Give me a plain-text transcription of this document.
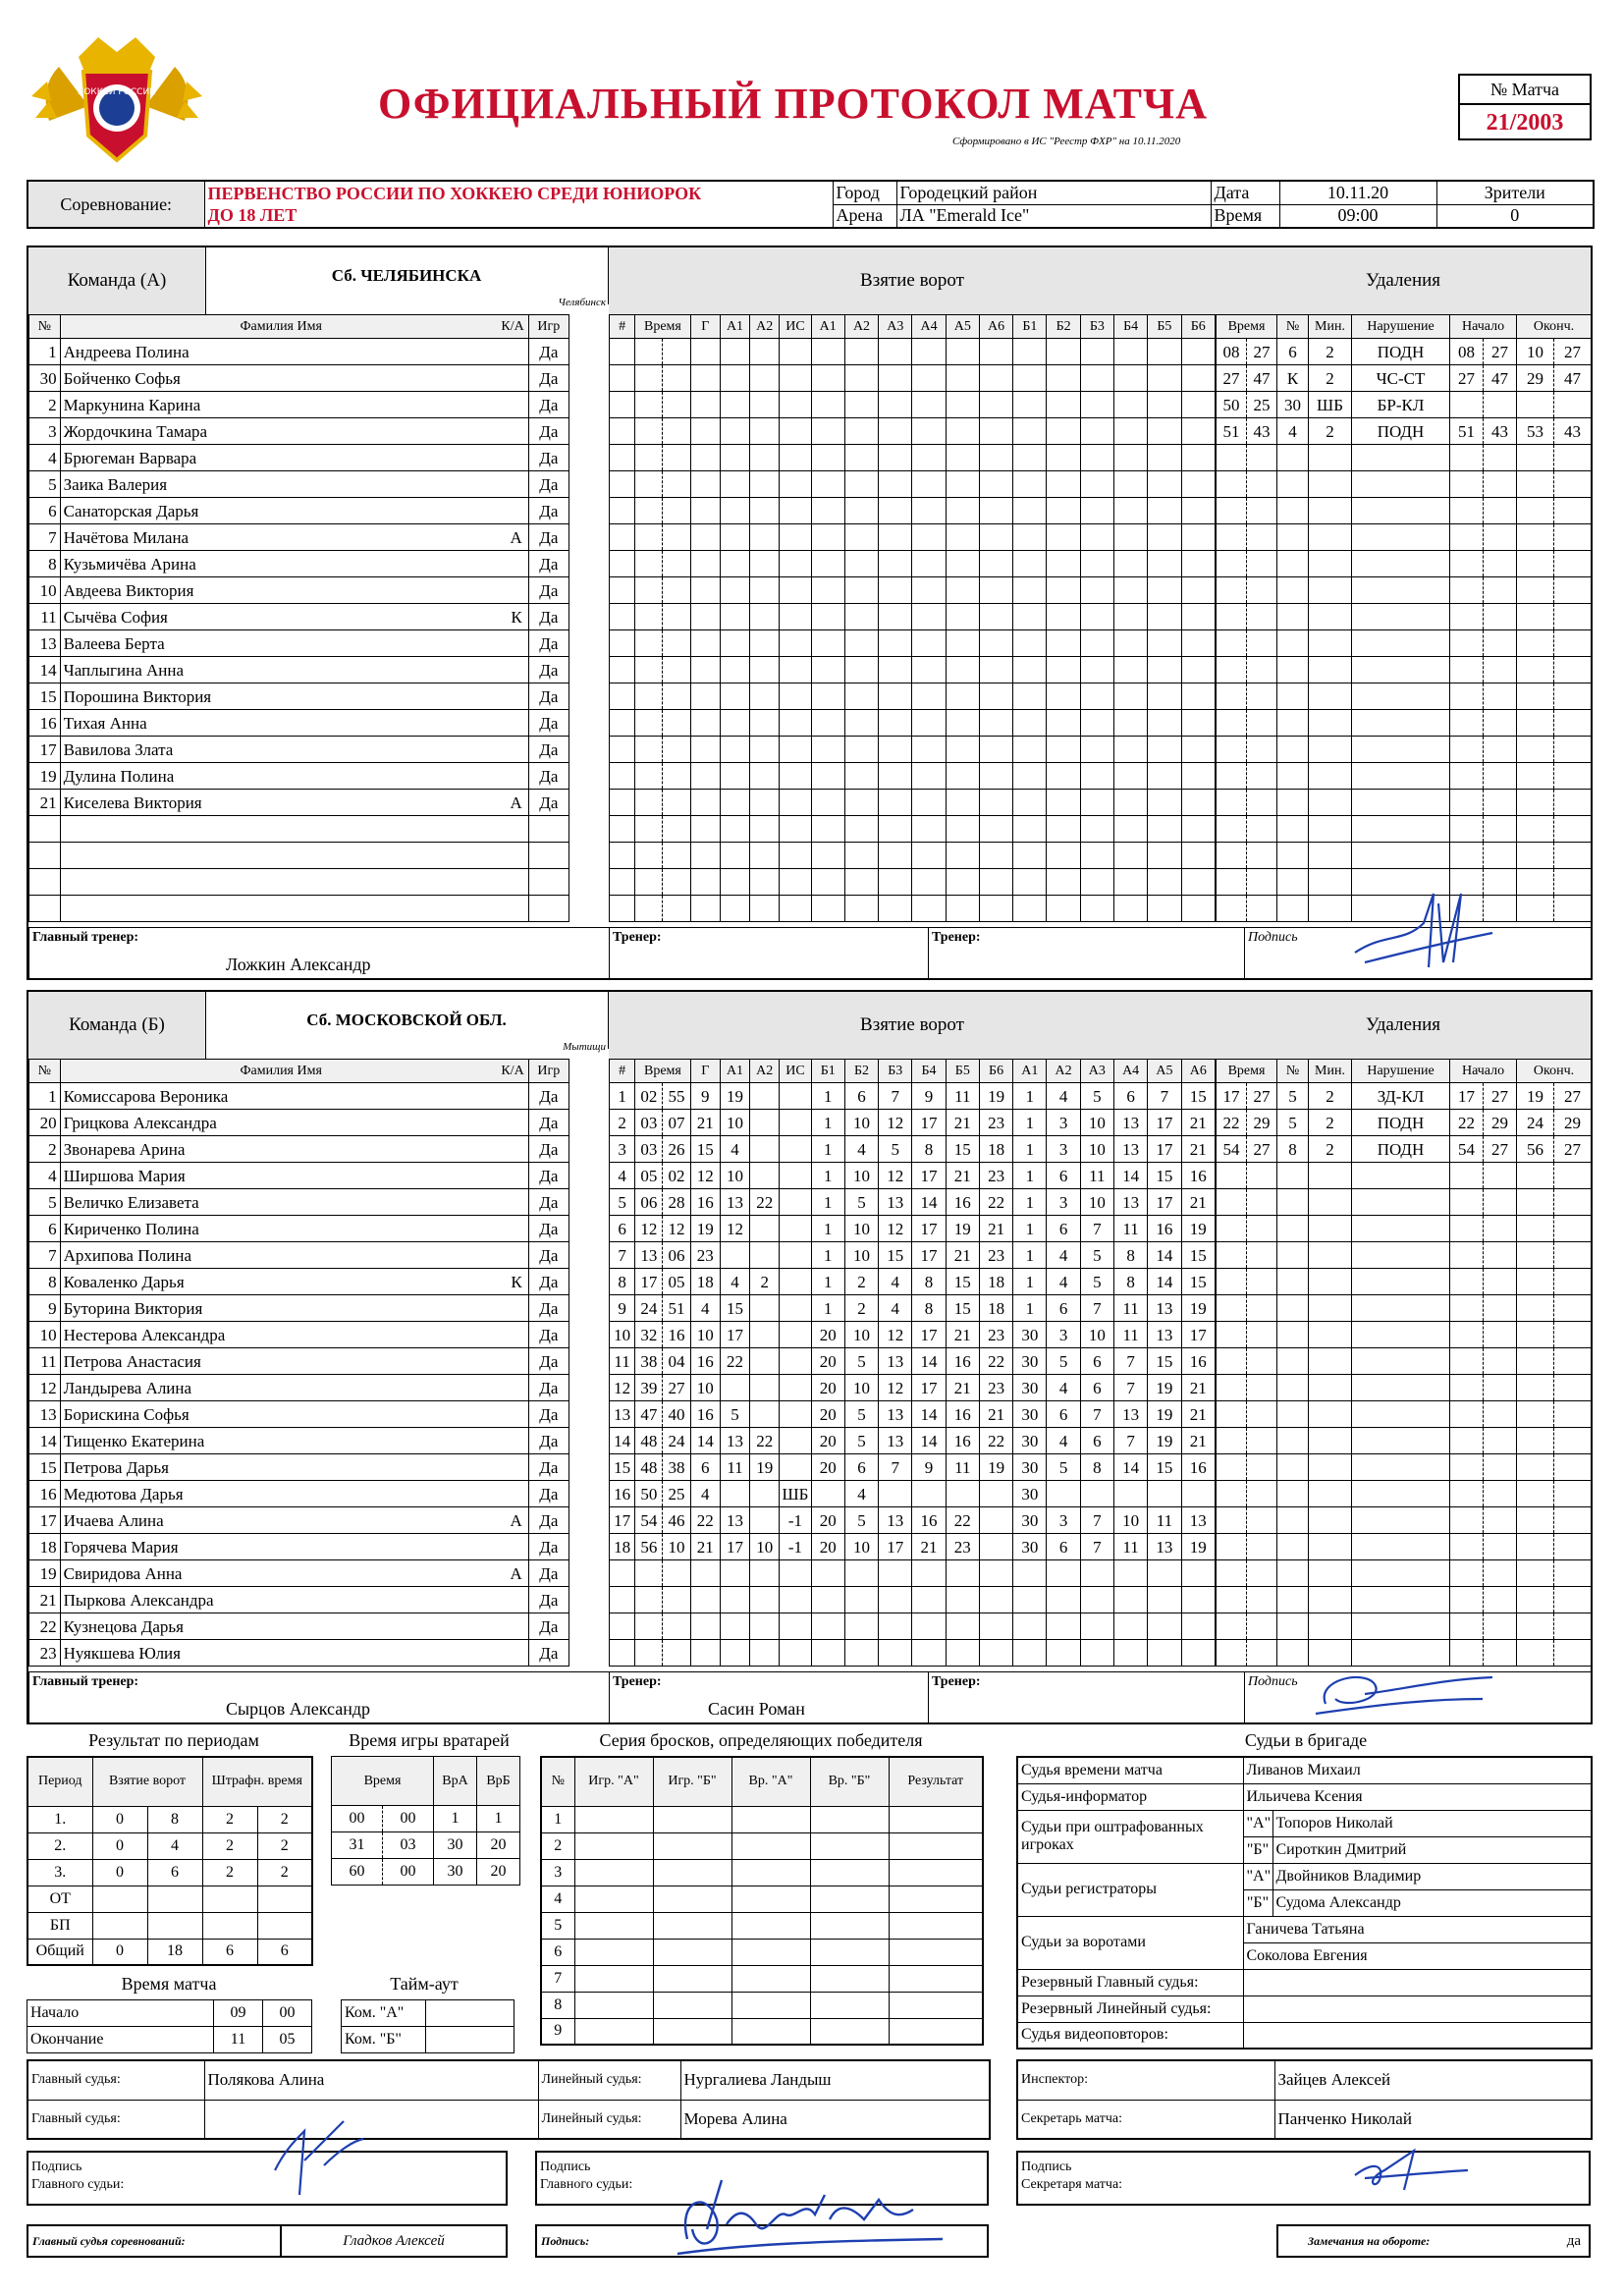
ХОККЕЙ РОССИИ	ОФИЦИАЛЬНЫЙ ПРОТОКОЛ МАТЧА
Сформировано в ИС "Реестр ФХР" на 10.11.2020
№ Матча
21/2003
Соревнование:	ПЕРВЕНСТВО РОССИИ ПО ХОККЕЮ СРЕДИ ЮНИОРОК
ДО 18 ЛЕТ	Город	Городецкий район	Дата	10.11.20	Зрители
		Арена	ЛА "Emerald Ice"	Время	09:00	0
Команда (А)	Сб. ЧЕЛЯБИНСКА
Челябинск
Взятие ворот	Удаления
№	Фамилия Имя К/А		Игр
1	Андреева Полина		Да
30	Бойченко Софья		Да
2	Маркунина Карина		Да
3	Жордочкина Тамара		Да
4	Брюгеман Варвара		Да
5	Заика Валерия		Да
6	Санаторская Дарья		Да
7	Начётова Милана А		Да
8	Кузьмичёва Арина		Да
10	Авдеева Виктория		Да
11	Сычёва София К		Да
13	Валеева Берта		Да
14	Чаплыгина Анна		Да
15	Порошина Виктория		Да
16	Тихая Анна		Да
17	Вавилова Злата		Да
19	Дулина Полина		Да
21	Киселева Виктория А		Да

#	Время		Г	А1	А2	ИС	А1	А2	А3	А4	А5	А6	Б1	Б2	Б3	Б4	Б5	Б6

																		Время		№	Мин.	Нарушение	Начало		Оконч.	
08	27	6	2	ПОДН	08	27	10	27
27	47	К	2	ЧС-СТ	27	47	29	47
50	25	30	ШБ	БР-КЛ				
51	43	4	2	ПОДН	51	43	53	43

Главный тренер:
Ложкин Александр
	Тренер:	Тренер:	Подпись
Команда (Б)	Сб. МОСКОВСКОЙ ОБЛ.
Мытищи
Взятие ворот	Удаления
№	Фамилия Имя К/А		Игр
1	Комиссарова Вероника		Да
20	Грицкова Александра		Да
2	Звонарева Арина		Да
4	Ширшова Мария		Да
5	Величко Елизавета		Да
6	Кириченко Полина		Да
7	Архипова Полина		Да
8	Коваленко Дарья К		Да
9	Буторина Виктория		Да
10	Нестерова Александра		Да
11	Петрова Анастасия		Да
12	Ландырева Алина		Да
13	Борискина Софья		Да
14	Тищенко Екатерина		Да
15	Петрова Дарья		Да
16	Медютова Дарья		Да
17	Ичаева Алина А		Да
18	Горячева Мария		Да
19	Свиридова Анна А		Да
21	Пыркова Александра		Да
22	Кузнецова Дарья		Да
23	Нуякшева Юлия		Да
#	Время		Г	А1	А2	ИС	Б1	Б2	Б3	Б4	Б5	Б6	А1	А2	А3	А4	А5	А6
1	02	55	9	19			1	6	7	9	11	19	1	4	5	6	7	15
2	03	07	21	10			1	10	12	17	21	23	1	3	10	13	17	21
3	03	26	15	4			1	4	5	8	15	18	1	3	10	13	17	21
4	05	02	12	10			1	10	12	17	21	23	1	6	11	14	15	16
5	06	28	16	13	22		1	5	13	14	16	22	1	3	10	13	17	21
6	12	12	19	12			1	10	12	17	19	21	1	6	7	11	16	19
7	13	06	23				1	10	15	17	21	23	1	4	5	8	14	15
8	17	05	18	4	2		1	2	4	8	15	18	1	4	5	8	14	15
9	24	51	4	15			1	2	4	8	15	18	1	6	7	11	13	19
10	32	16	10	17			20	10	12	17	21	23	30	3	10	11	13	17
11	38	04	16	22			20	5	13	14	16	22	30	5	6	7	15	16
12	39	27	10				20	10	12	17	21	23	30	4	6	7	19	21
13	47	40	16	5			20	5	13	14	16	21	30	6	7	13	19	21
14	48	24	14	13	22		20	5	13	14	16	22	30	4	6	7	19	21
15	48	38	6	11	19		20	6	7	9	11	19	30	5	8	14	15	16
16	50	25	4			ШБ		4					30					
17	54	46	22	13		-1	20	5	13	16	22		30	3	7	10	11	13
18	56	10	21	17	10	-1	20	10	17	21	23		30	6	7	11	13	19

Время		№	Мин.	Нарушение	Начало		Оконч.	
17	27	5	2	ЗД-КЛ	17	27	19	27
22	29	5	2	ПОДН	22	29	24	29
54	27	8	2	ПОДН	54	27	56	27

Главный тренер:
Сырцов Александр
	Тренер:
Сасин Роман
	Тренер:	Подпись
Результат по периодам
Период	Взятие ворот		Штрафн. время	
1.	0	8	2	2
2.	0	4	2	2
3.	0	6	2	2
ОТ				
БП				
Общий	0	18	6	6
Время игры вратарей
Время		ВрА	ВрБ
00	00	1	1
31	03	30	20
60	00	30	20
Время матча
Начало	09	00
Окончание	11	05
Тайм-аут
Ком. "А"	
Ком. "Б"	
Серия бросков, определяющих победителя
№	Игр. "А"	Игр. "Б"	Вр. "А"	Вр. "Б"	Результат
1					
2					
3					
4					
5					
6					
7					
8					
9					
Судьи в бригаде
Судья времени матча	Ливанов Михаил	
Судья-информатор	Ильичева Ксения	
Судьи при оштрафованных игроках	"А"	Топоров Николай
	"Б"	Сироткин Дмитрий
Судьи регистраторы	"А"	Двойников Владимир
	"Б"	Судома Александр
Судьи за воротами	Ганичева Татьяна	
	Соколова Евгения	
Резервный Главный судья:		
Резервный Линейный судья:		
Судья видеоповторов:		
Главный судья:	Полякова Алина	Линейный судья:	Нургалиева Ландыш
Главный судья:		Линейный судья:	Морева Алина
Инспектор:	Зайцев Алексей
Секретарь матча:	Панченко Николай
Подпись
Главного судьи:
Подпись
Главного судьи:
Подпись
Секретаря матча:
Главный судья соревнований:	Гладков Алексей	Подпись:	Замечания на обороте:	да
